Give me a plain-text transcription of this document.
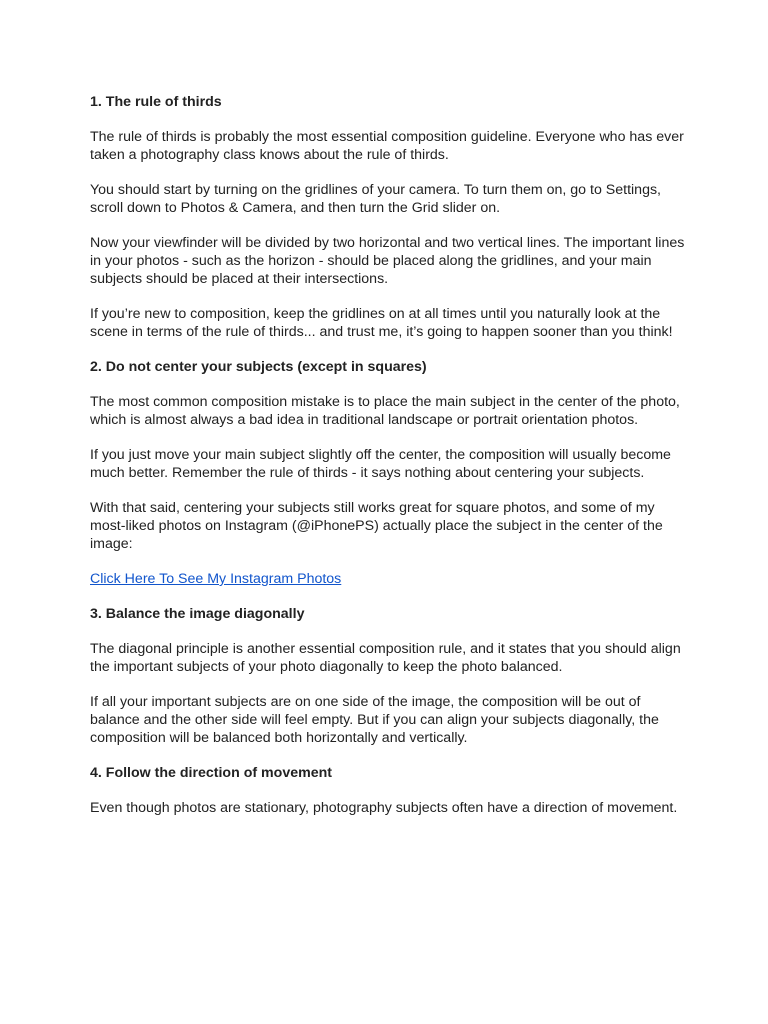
1. The rule of thirds

The rule of thirds is probably the most essential composition guideline. Everyone who has ever taken a photography class knows about the rule of thirds.

You should start by turning on the gridlines of your camera. To turn them on, go to Settings, scroll down to Photos & Camera, and then turn the Grid slider on.

Now your viewfinder will be divided by two horizontal and two vertical lines. The important lines in your photos - such as the horizon - should be placed along the gridlines, and your main subjects should be placed at their intersections.

If you’re new to composition, keep the gridlines on at all times until you naturally look at the scene in terms of the rule of thirds... and trust me, it’s going to happen sooner than you think!

2. Do not center your subjects (except in squares)

The most common composition mistake is to place the main subject in the center of the photo, which is almost always a bad idea in traditional landscape or portrait orientation photos.

If you just move your main subject slightly off the center, the composition will usually become much better. Remember the rule of thirds - it says nothing about centering your subjects.

With that said, centering your subjects still works great for square photos, and some of my most-liked photos on Instagram (@iPhonePS) actually place the subject in the center of the image:

Click Here To See My Instagram Photos

3. Balance the image diagonally

The diagonal principle is another essential composition rule, and it states that you should align the important subjects of your photo diagonally to keep the photo balanced.

If all your important subjects are on one side of the image, the composition will be out of balance and the other side will feel empty. But if you can align your subjects diagonally, the composition will be balanced both horizontally and vertically.

4. Follow the direction of movement

Even though photos are stationary, photography subjects often have a direction of movement.
